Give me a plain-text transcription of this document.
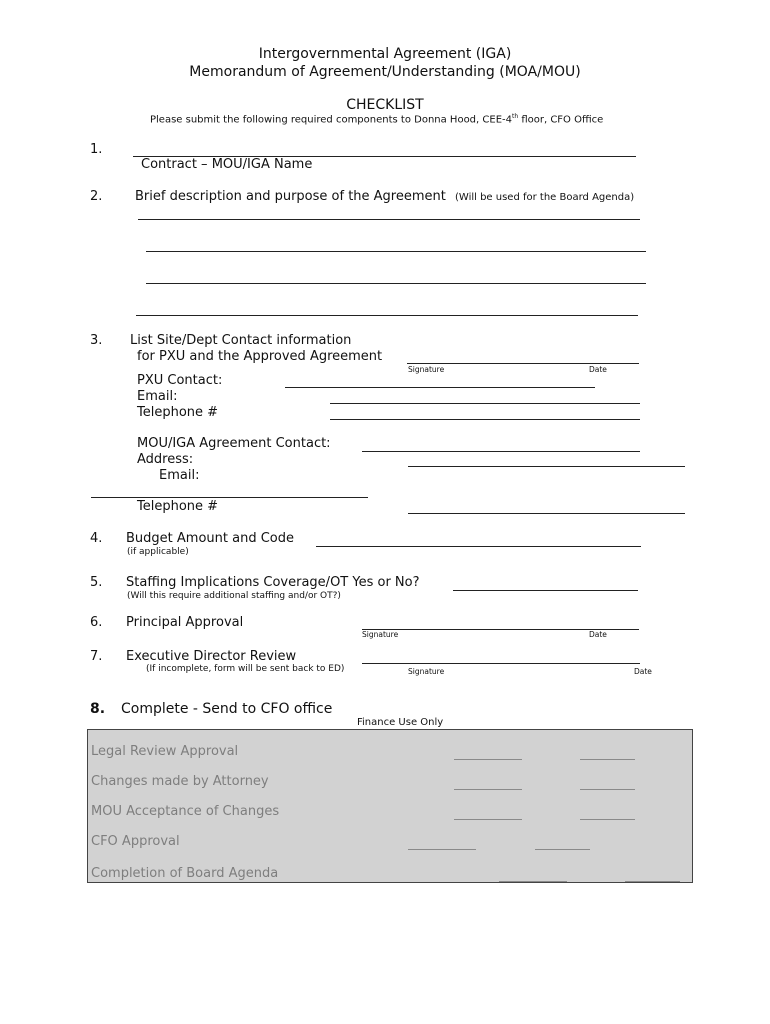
Intergovernmental Agreement (IGA)
Memorandum of Agreement/Understanding (MOA/MOU)
CHECKLIST
Please submit the following required components to Donna Hood, CEE-4th floor, CFO Office
1.
Contract – MOU/IGA Name
2.	Brief description and purpose of the Agreement (Will be used for the Board Agenda)
3. List Site/Dept Contact information
for PXU and the Approved Agreement
Signature	Date
PXU Contact:
Email:
Telephone #
MOU/IGA Agreement Contact:
Address:
Email:
Telephone #
4. Budget Amount and Code
(if applicable)
5. Staffing Implications Coverage/OT Yes or No?
(Will this require additional staffing and/or OT?)
6. Principal Approval
Signature	Date
7. Executive Director Review
(If incomplete, form will be sent back to ED)	Signature	Date
8. Complete - Send to CFO office
Finance Use Only
Legal Review Approval
Changes made by Attorney
MOU Acceptance of Changes
CFO Approval
Completion of Board Agenda
